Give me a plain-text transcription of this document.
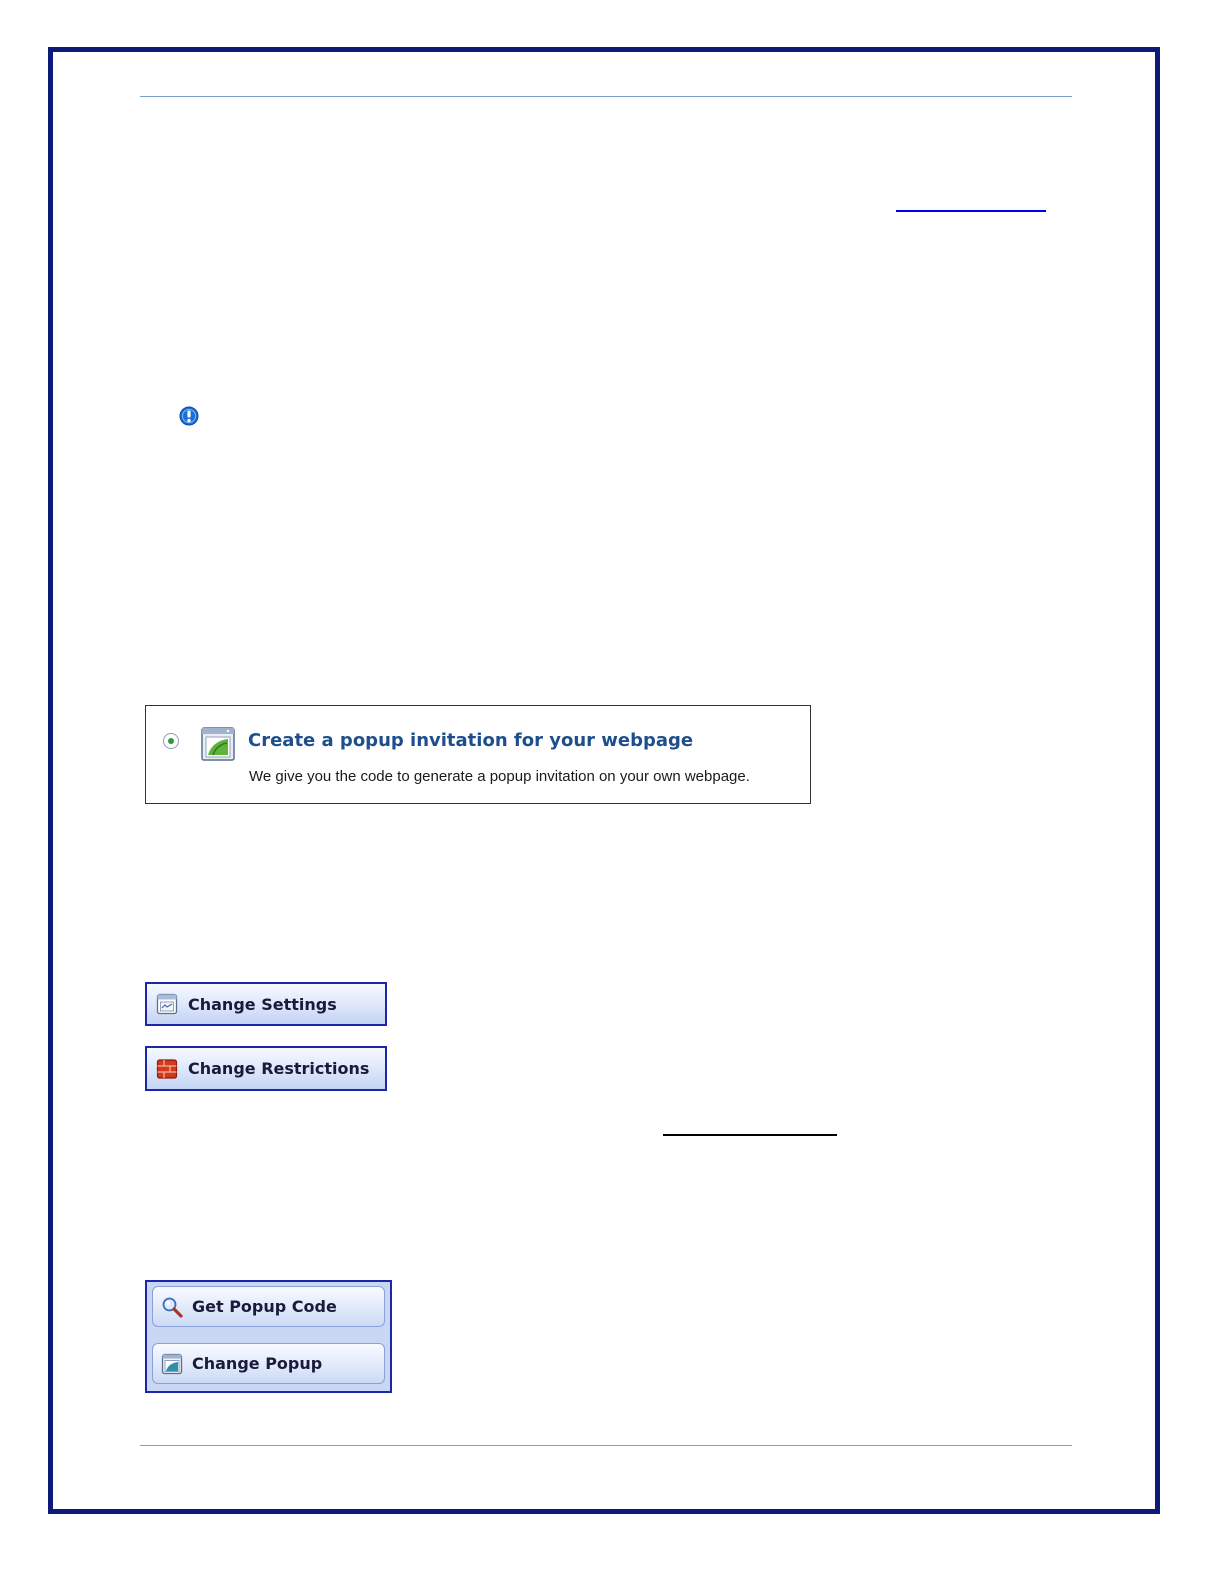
Create a popup invitation for your webpage
We give you the code to generate a popup invitation on your own webpage.
Change Settings
Change Restrictions
Get Popup Code
Change Popup
